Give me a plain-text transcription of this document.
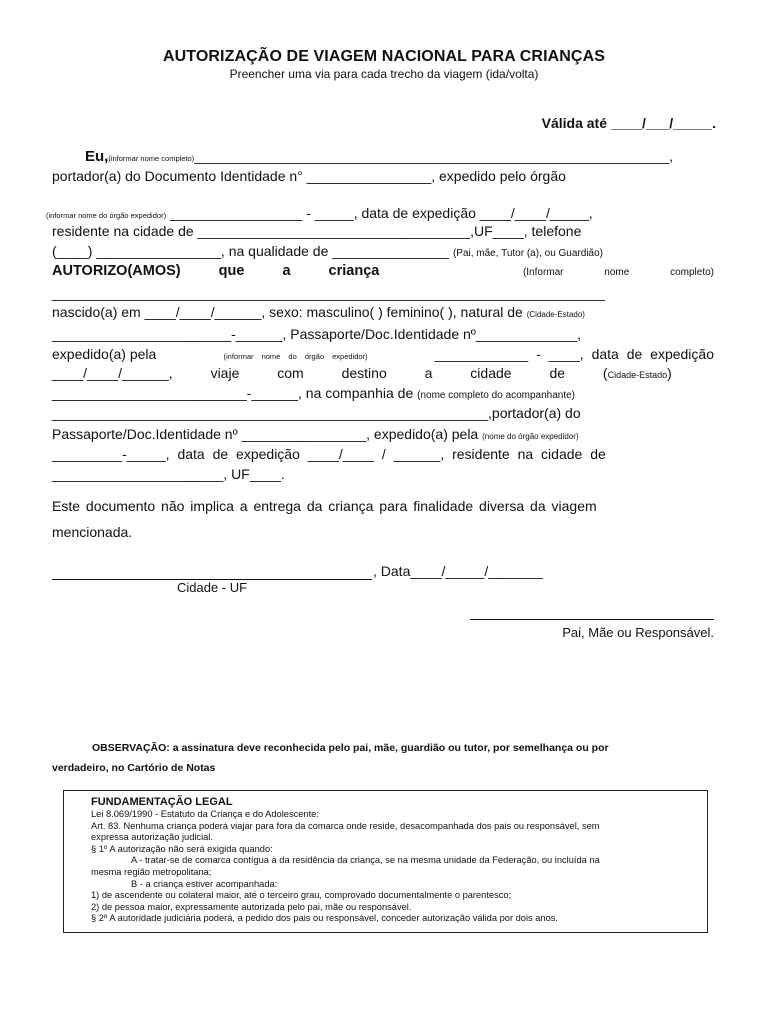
AUTORIZAÇÃO DE VIAGEM NACIONAL PARA CRIANÇAS
Preencher uma via para cada trecho da viagem (ida/volta)
Válida até ____/___/_____.
Eu,(informar nome completo)_____________________________________________________________,
portador(a) do Documento Identidade n° ________________, expedido pelo órgão
(informar nome do órgão expedidor) _________________ - _____, data de expedição ____/____/_____,
residente na cidade de ___________________________________,UF____, telefone
(____) ________________, na qualidade de _______________ (Pai, mãe, Tutor (a), ou Guardião)
AUTORIZO(AMOS) que a criança	(Informar nome completo)
_______________________________________________________________________
nascido(a) em ____/____/______, sexo: masculino( ) feminino( ), natural de (Cidade-Estado)
_______________________-______, Passaporte/Doc.Identidade nº_____________,
expedido(a) pela	(informar nome do órgão expedidor)	____________ - ____, data de expedição
____/____/______, viaje com destino a cidade de (Cidade-Estado)
_________________________-______, na companhia de (nome completo do acompanhante)
________________________________________________________,portador(a) do
Passaporte/Doc.Identidade nº ________________, expedido(a) pela (nome do órgão expedidor)
_________-_____, data de expedição ____/____ / ______, residente na cidade de
______________________, UF____.
Este documento não implica a entrega da criança para finalidade diversa da viagem
mencionada.
, Data____/_____/_______
Cidade - UF
Pai, Mãe ou Responsável.
OBSERVAÇÃO: a assinatura deve reconhecida pelo pai, mãe, guardião ou tutor, por semelhança ou por
verdadeiro, no Cartório de Notas
FUNDAMENTAÇÃO LEGAL
Lei 8.069/1990 - Estatuto da Criança e do Adolescente:
Art. 83. Nenhuma criança poderá viajar para fora da comarca onde reside, desacompanhada dos pais ou responsável, sem
expressa autorização judicial.
§ 1º A autorização não será exigida quando:
A - tratar-se de comarca contígua à da residência da criança, se na mesma unidade da Federação, ou incluída na
mesma região metropolitana;
B - a criança estiver acompanhada:
1) de ascendente ou colateral maior, até o terceiro grau, comprovado documentalmente o parentesco;
2) de pessoa maior, expressamente autorizada pelo pai, mãe ou responsável.
§ 2º A autoridade judiciária poderá, a pedido dos pais ou responsável, conceder autorização válida por dois anos.
